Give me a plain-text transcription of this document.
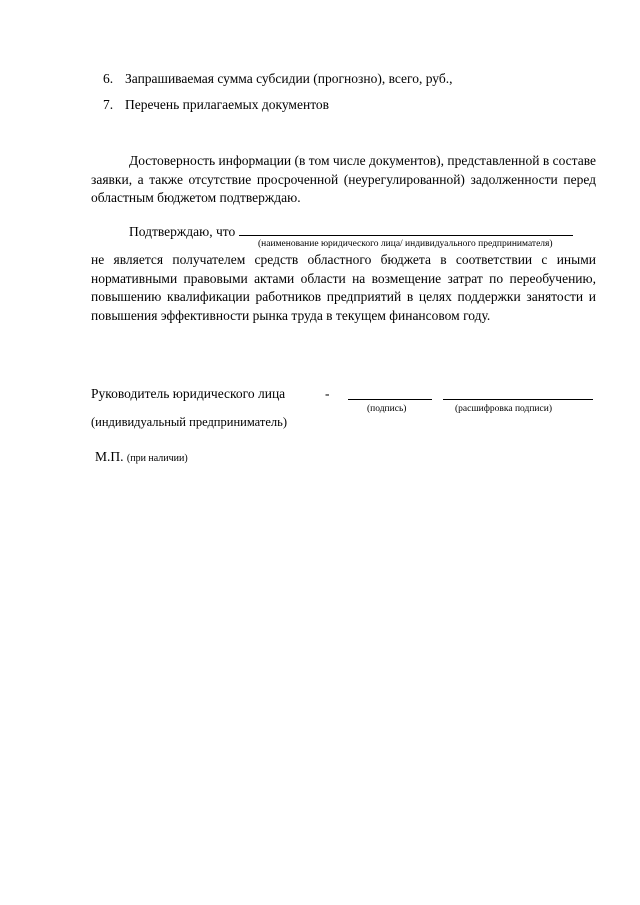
6. Запрашиваемая сумма субсидии (прогнозно), всего, руб.,
7. Перечень прилагаемых документов
Достоверность информации (в том числе документов), представленной в составе заявки, а также отсутствие просроченной (неурегулированной) задолженности перед областным бюджетом подтверждаю.
Подтверждаю, что
(наименование юридического лица/ индивидуального предпринимателя)
не является получателем средств областного бюджета в соответствии с иными нормативными правовыми актами области на возмещение затрат по переобучению, повышению квалификации работников предприятий в целях поддержки занятости и повышения эффективности рынка труда в текущем финансовом году.
Руководитель юридического лица	-
(подпись)	(расшифровка подписи)
(индивидуальный предприниматель)
М.П. (при наличии)
